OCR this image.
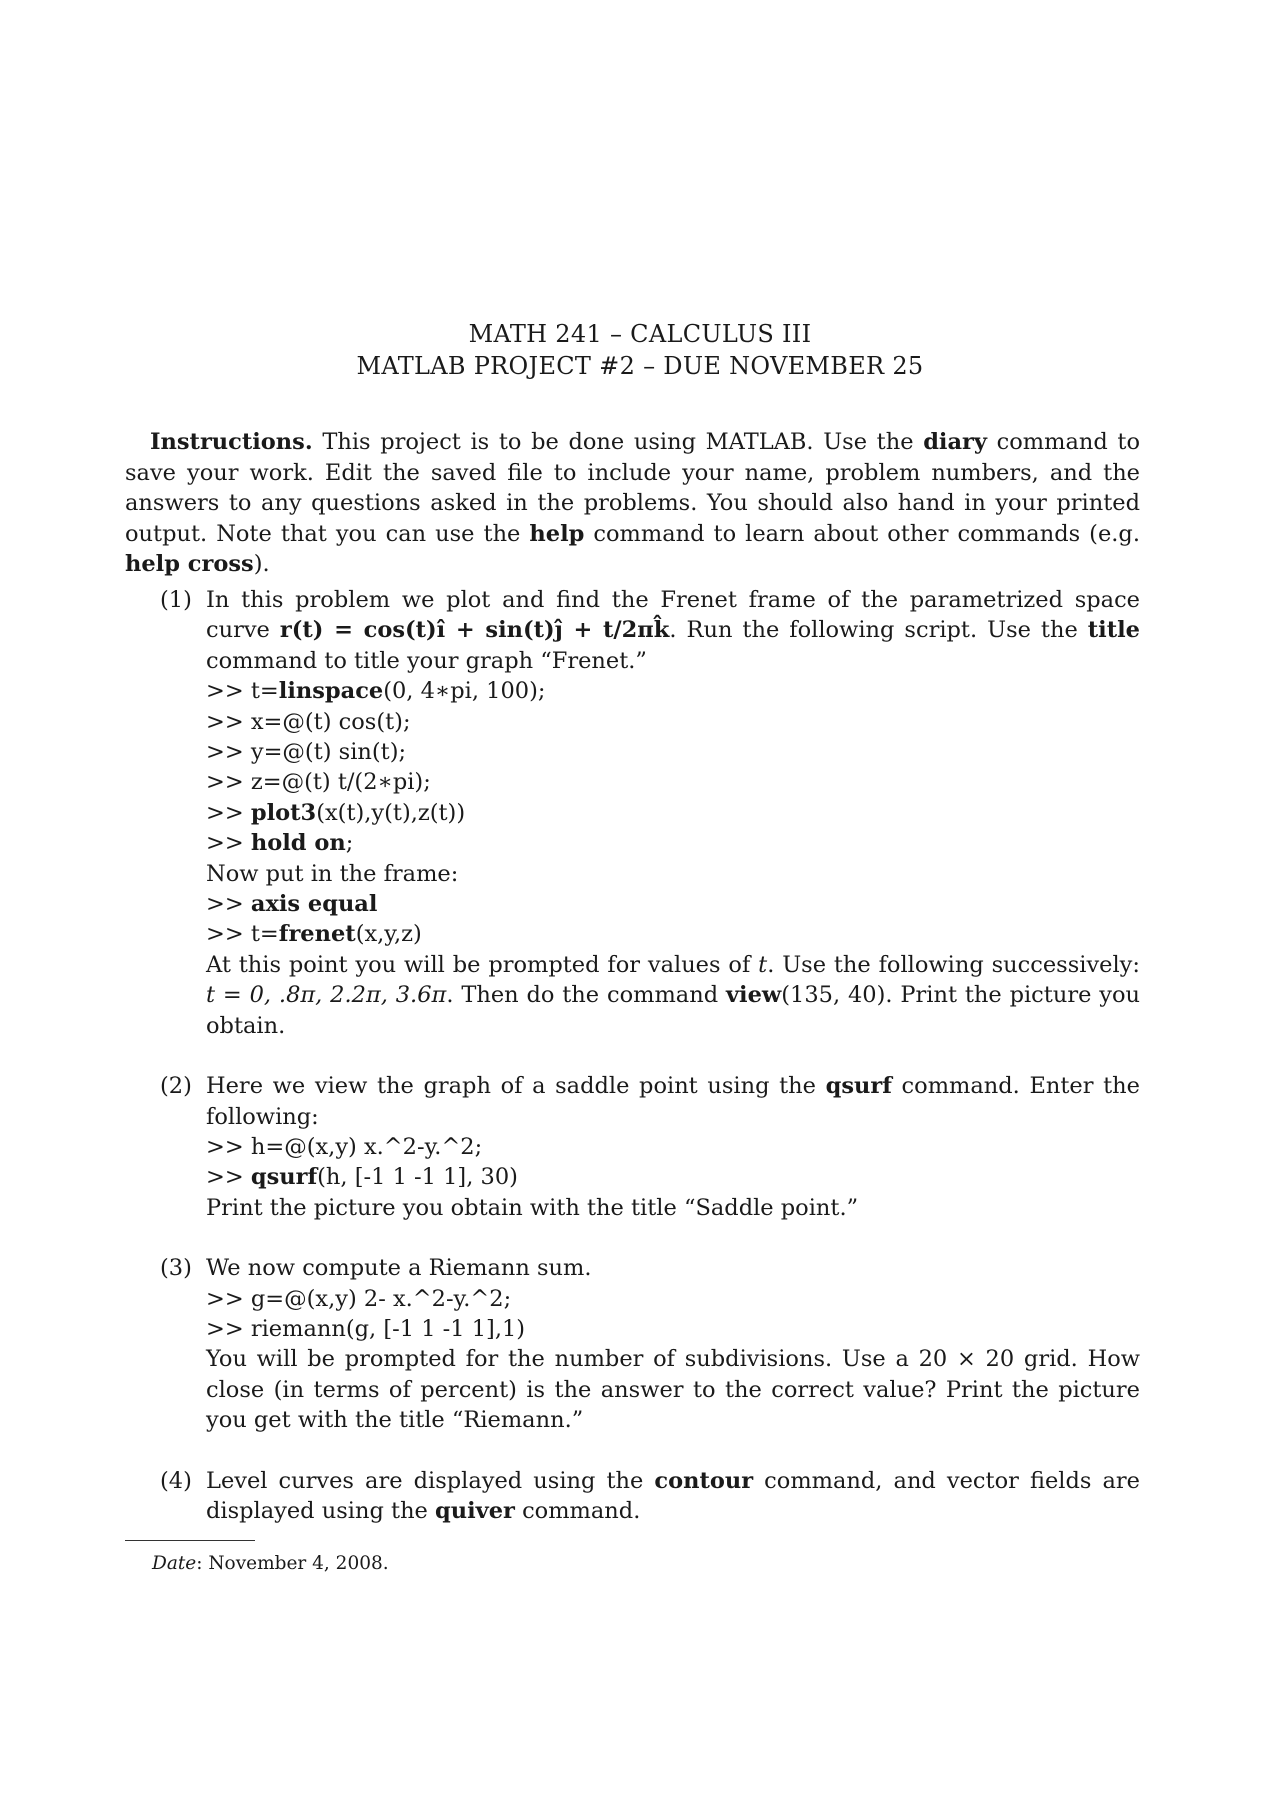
MATH 241 – CALCULUS III
MATLAB PROJECT #2 – DUE NOVEMBER 25
Instructions. This project is to be done using MATLAB. Use the diary command to save your work. Edit the saved file to include your name, problem numbers, and the answers to any questions asked in the problems. You should also hand in your printed output. Note that you can use the help command to learn about other commands (e.g. help cross).
(1) In this problem we plot and find the Frenet frame of the parametrized space curve r(t) = cos(t)î + sin(t)ĵ + t/2πk̂. Run the following script. Use the title command to title your graph “Frenet.”
>> t=linspace(0, 4∗pi, 100);
>> x=@(t) cos(t);
>> y=@(t) sin(t);
>> z=@(t) t/(2∗pi);
>> plot3(x(t),y(t),z(t))
>> hold on;
Now put in the frame:
>> axis equal
>> t=frenet(x,y,z)
At this point you will be prompted for values of t. Use the following successively: t = 0, .8π, 2.2π, 3.6π. Then do the command view(135, 40). Print the picture you obtain.
(2) Here we view the graph of a saddle point using the qsurf command. Enter the following:
>> h=@(x,y) x.^2-y.^2;
>> qsurf(h, [-1 1 -1 1], 30)
Print the picture you obtain with the title “Saddle point.”
(3) We now compute a Riemann sum.
>> g=@(x,y) 2- x.^2-y.^2;
>> riemann(g, [-1 1 -1 1],1)
You will be prompted for the number of subdivisions. Use a 20 × 20 grid. How close (in terms of percent) is the answer to the correct value? Print the picture you get with the title “Riemann.”
(4) Level curves are displayed using the contour command, and vector fields are displayed using the quiver command.
Date: November 4, 2008.
